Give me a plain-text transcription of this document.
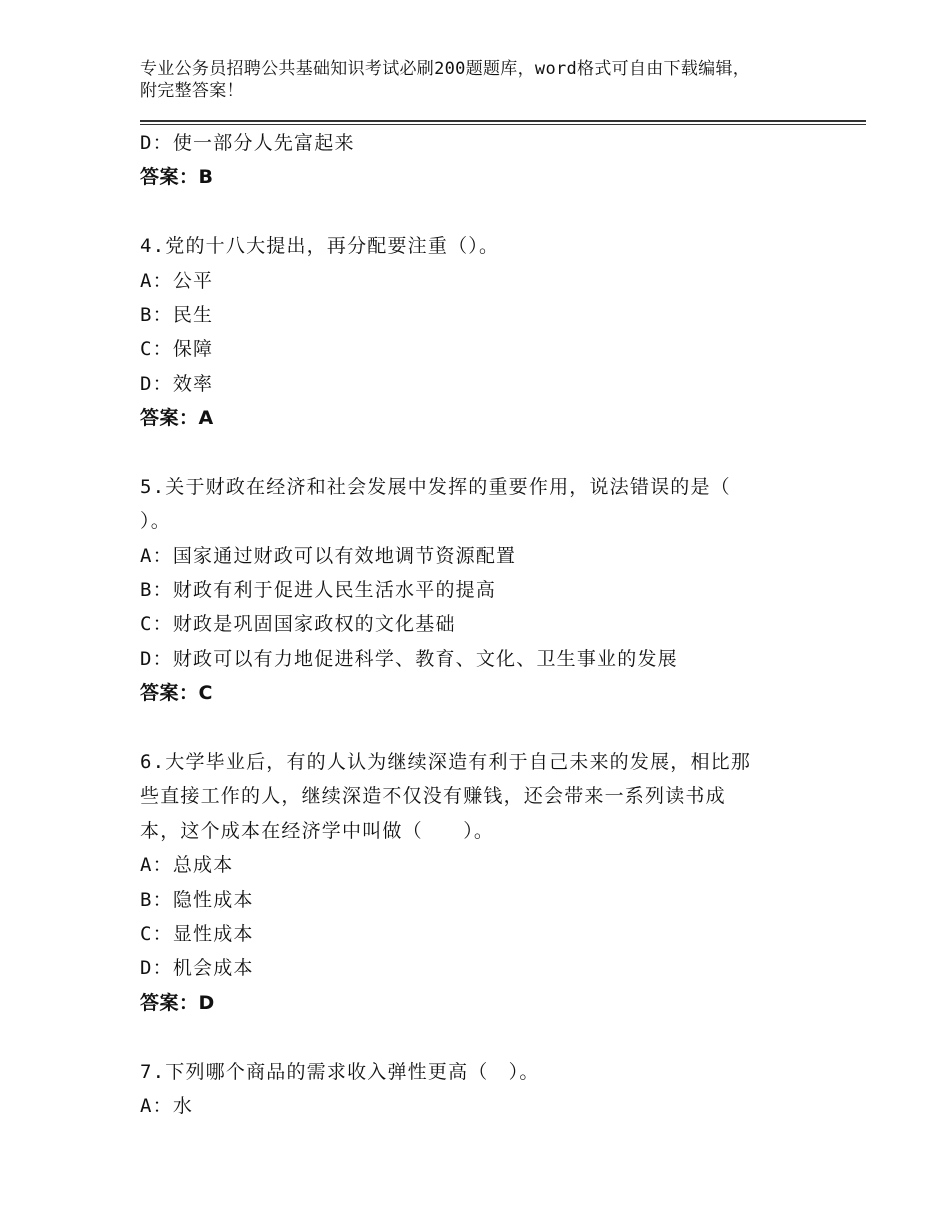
专业公务员招聘公共基础知识考试必刷200题题库，word格式可自由下载编辑，
附完整答案！
D：使一部分人先富起来
答案：B
4.党的十八大提出，再分配要注重（）。
A：公平
B：民生
C：保障
D：效率
答案：A
5.关于财政在经济和社会发展中发挥的重要作用，说法错误的是（
）。
A：国家通过财政可以有效地调节资源配置
B：财政有利于促进人民生活水平的提高
C：财政是巩固国家政权的文化基础
D：财政可以有力地促进科学、教育、文化、卫生事业的发展
答案：C
6.大学毕业后，有的人认为继续深造有利于自己未来的发展，相比那
些直接工作的人，继续深造不仅没有赚钱，还会带来一系列读书成
本，这个成本在经济学中叫做（　　）。
A：总成本
B：隐性成本
C：显性成本
D：机会成本
答案：D
7.下列哪个商品的需求收入弹性更高（　）。
A：水
